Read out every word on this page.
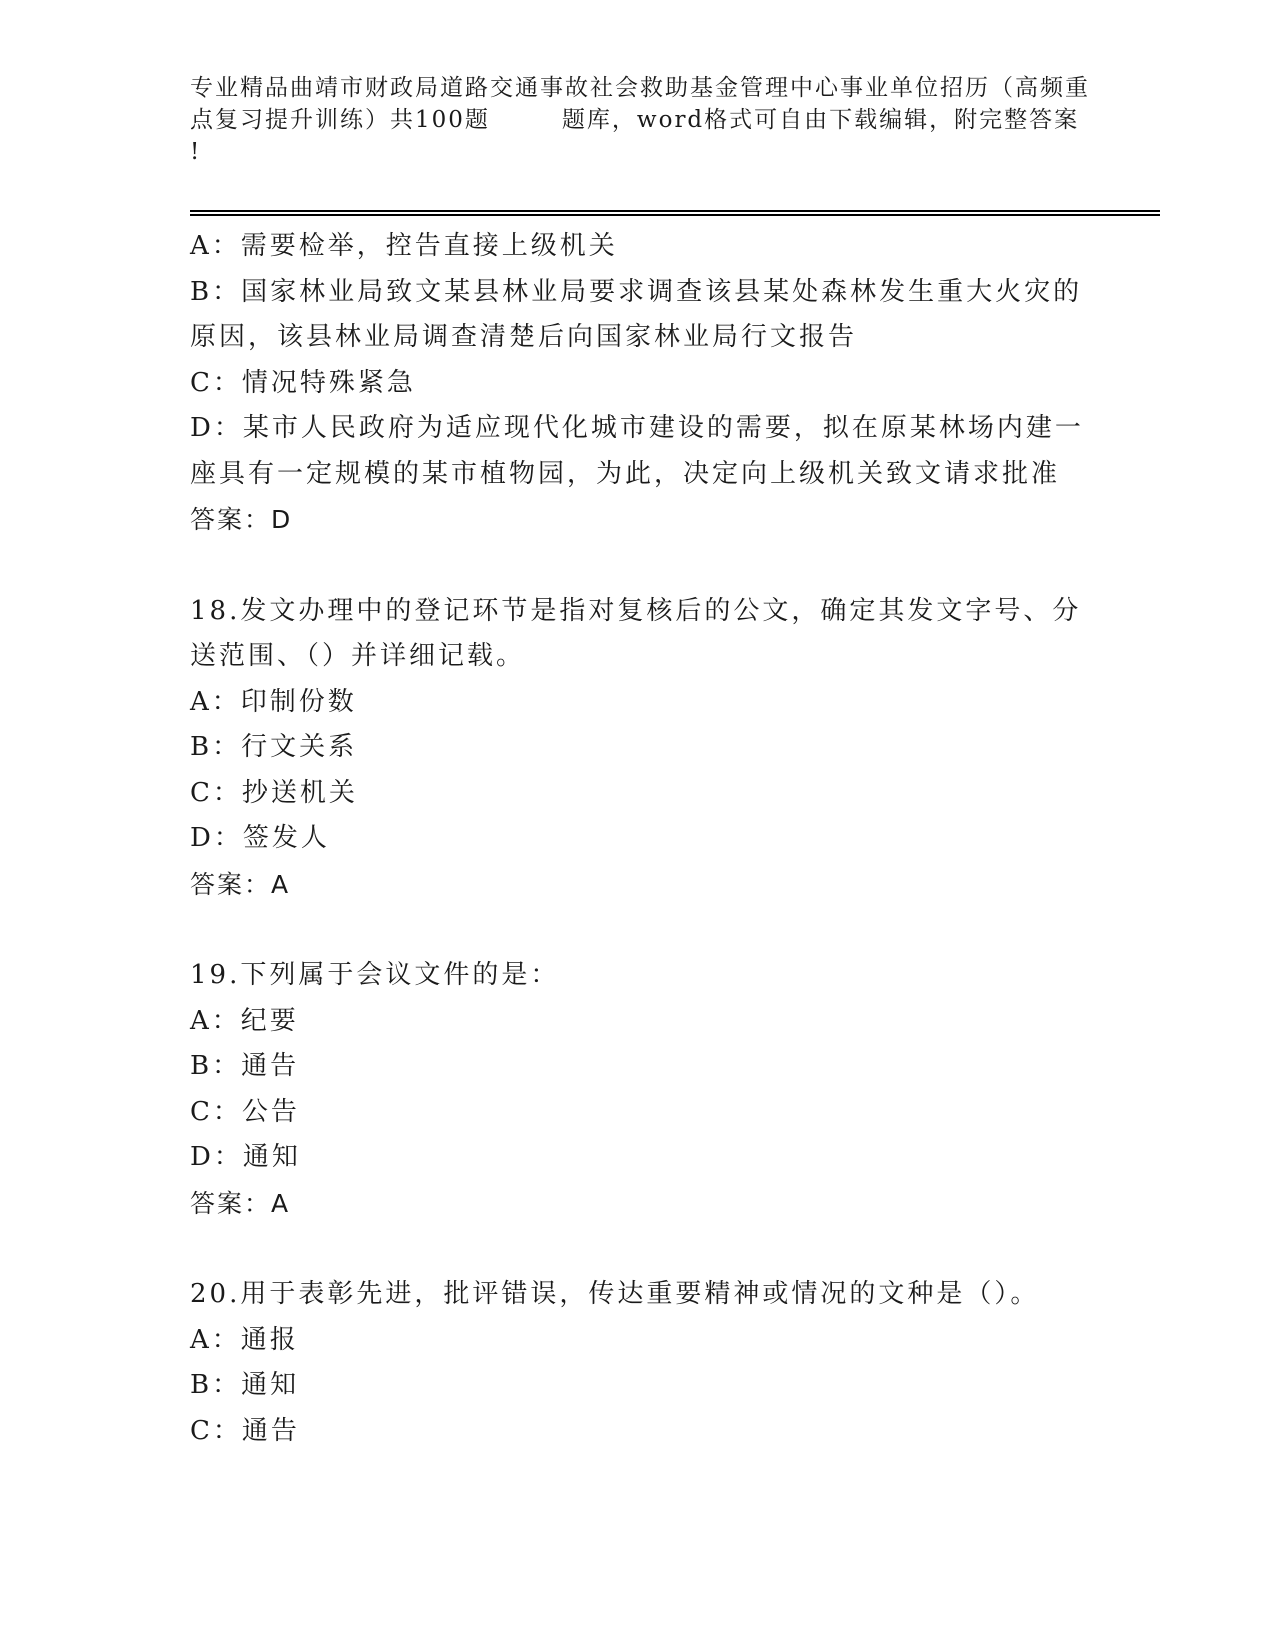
专业精品曲靖市财政局道路交通事故社会救助基金管理中心事业单位招历（高频重
点复习提升训练）共100题	题库，word格式可自由下载编辑，附完整答案
!
A：需要检举，控告直接上级机关
B：国家林业局致文某县林业局要求调查该县某处森林发生重大火灾的
原因，该县林业局调查清楚后向国家林业局行文报告
C：情况特殊紧急
D：某市人民政府为适应现代化城市建设的需要，拟在原某林场内建一
座具有一定规模的某市植物园，为此，决定向上级机关致文请求批准
答案：D
18.发文办理中的登记环节是指对复核后的公文，确定其发文字号、分
送范围、（）并详细记载。
A：印制份数
B：行文关系
C：抄送机关
D：签发人
答案：A
19.下列属于会议文件的是：
A：纪要
B：通告
C：公告
D：通知
答案：A
20.用于表彰先进，批评错误，传达重要精神或情况的文种是（）。
A：通报
B：通知
C：通告
